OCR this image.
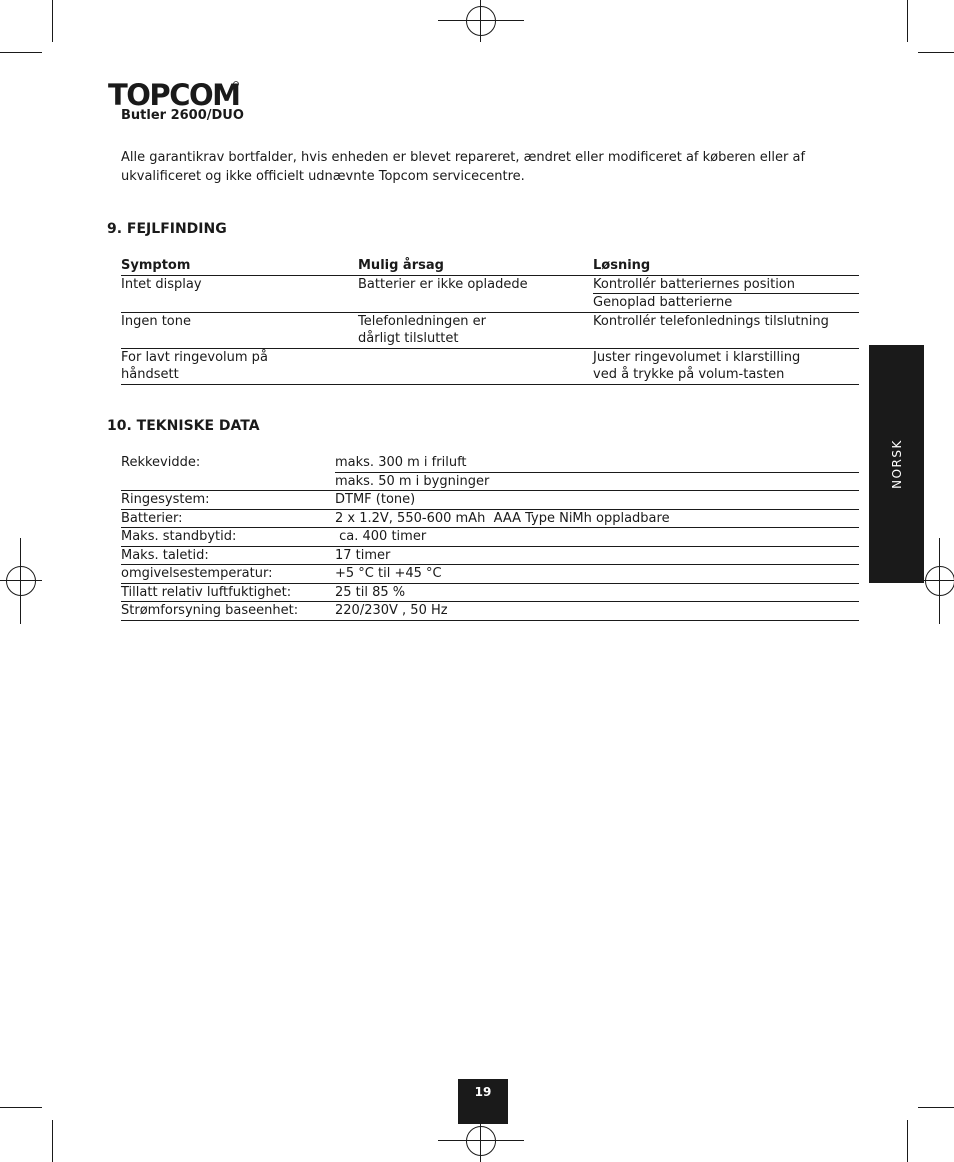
TOPCOM
Butler 2600/DUO
Alle garantikrav bortfalder, hvis enheden er blevet repareret, ændret eller modificeret af køberen eller af ukvalificeret og ikke officielt udnævnte Topcom servicecentre.
9. FEJLFINDING
Symptom	Mulig årsag	Løsning
Intet display	Batterier er ikke opladede	Kontrollér batteriernes position
		Genoplad batterierne
Ingen tone	Telefonledningen er	Kontrollér telefonlednings tilslutning
	dårligt tilsluttet	
For lavt ringevolum på		Juster ringevolumet i klarstilling
håndsett		ved å trykke på volum-tasten
10. TEKNISKE DATA
Rekkevidde:	maks. 300 m i friluft
	maks. 50 m i bygninger
Ringesystem:	DTMF (tone)
Batterier:	2 x 1.2V, 550-600 mAh  AAA Type NiMh oppladbare
Maks. standbytid:	ca. 400 timer
Maks. taletid:	17 timer
omgivelsestemperatur:	+5 °C til +45 °C
Tillatt relativ luftfuktighet:	25 til 85 %
Strømforsyning baseenhet:	220/230V , 50 Hz
NORSK
19
